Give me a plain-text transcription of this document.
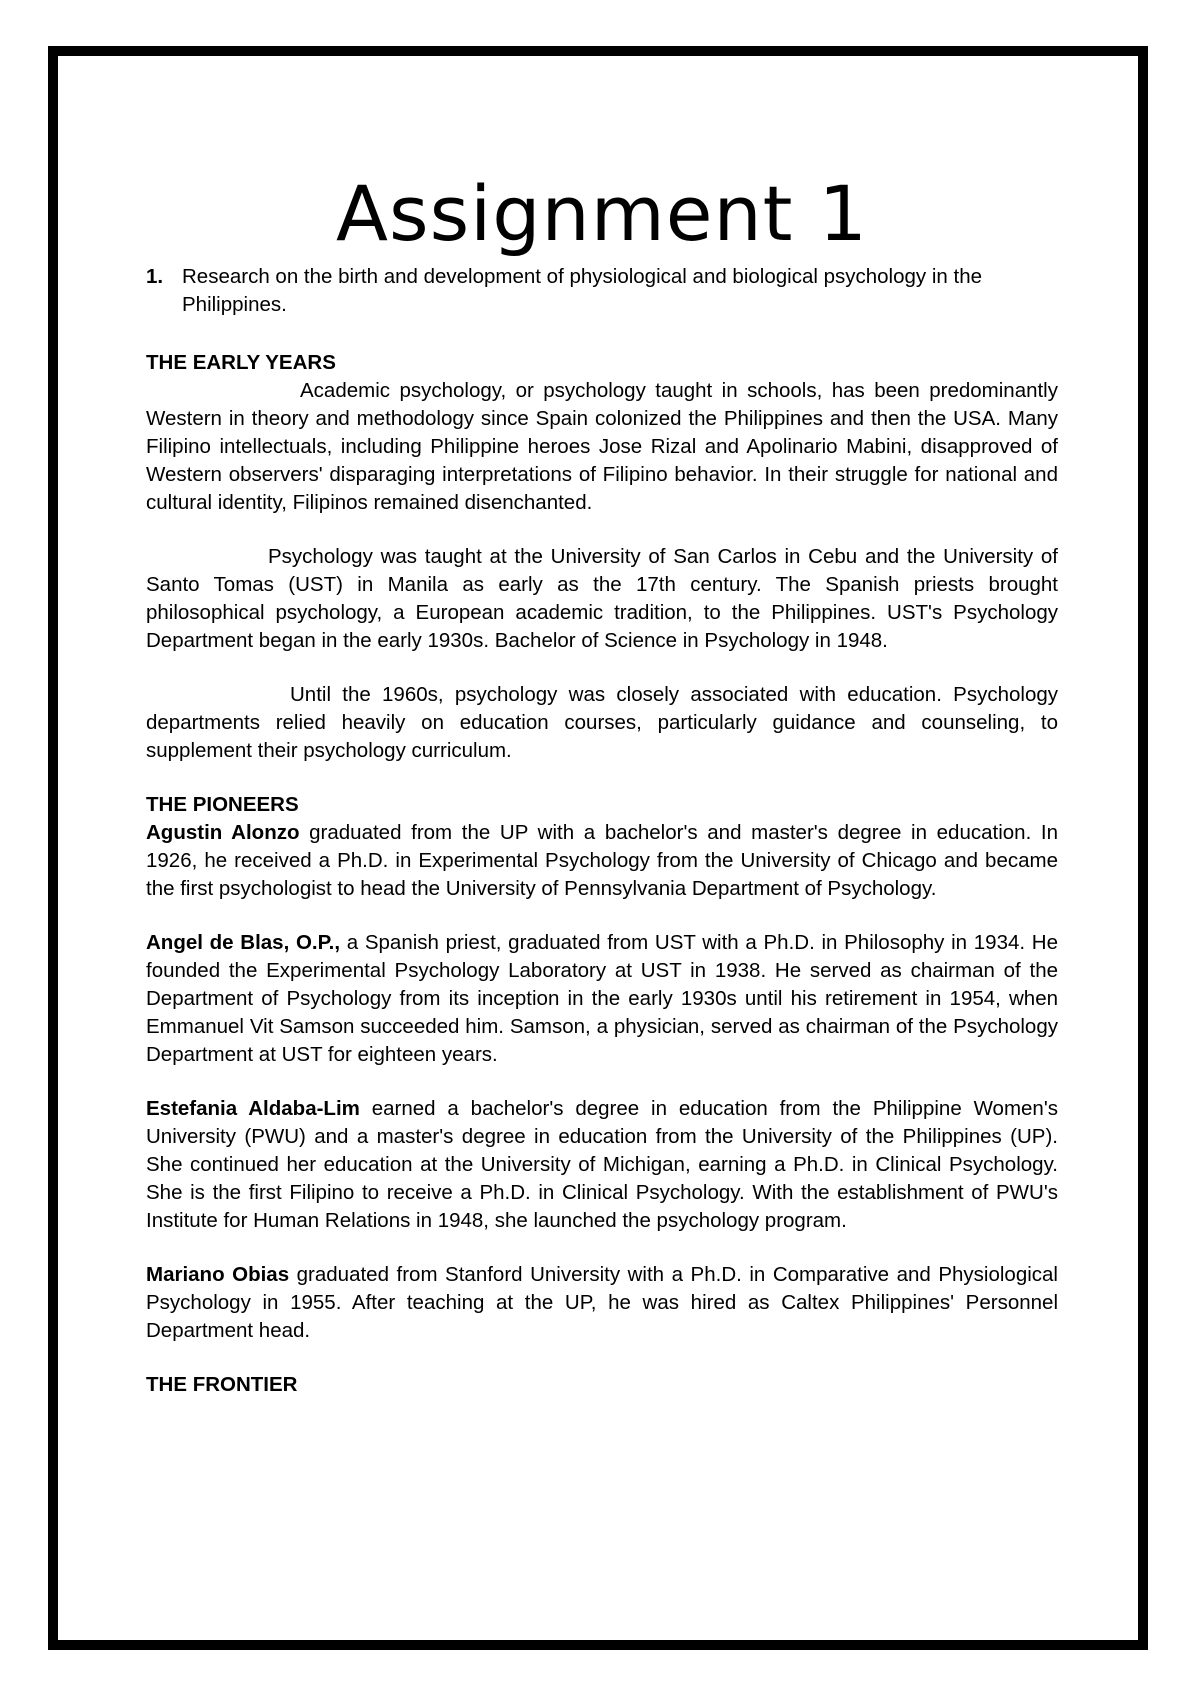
Assignment 1
1. Research on the birth and development of physiological and biological psychology in the Philippines.

THE EARLY YEARS

Academic psychology, or psychology taught in schools, has been predominantly Western in theory and methodology since Spain colonized the Philippines and then the USA. Many Filipino intellectuals, including Philippine heroes Jose Rizal and Apolinario Mabini, disapproved of Western observers' disparaging interpretations of Filipino behavior. In their struggle for national and cultural identity, Filipinos remained disenchanted.

Psychology was taught at the University of San Carlos in Cebu and the University of Santo Tomas (UST) in Manila as early as the 17th century. The Spanish priests brought philosophical psychology, a European academic tradition, to the Philippines. UST's Psychology Department began in the early 1930s. Bachelor of Science in Psychology in 1948.

Until the 1960s, psychology was closely associated with education. Psychology departments relied heavily on education courses, particularly guidance and counseling, to supplement their psychology curriculum.

THE PIONEERS

Agustin Alonzo graduated from the UP with a bachelor's and master's degree in education. In 1926, he received a Ph.D. in Experimental Psychology from the University of Chicago and became the first psychologist to head the University of Pennsylvania Department of Psychology.

Angel de Blas, O.P., a Spanish priest, graduated from UST with a Ph.D. in Philosophy in 1934. He founded the Experimental Psychology Laboratory at UST in 1938. He served as chairman of the Department of Psychology from its inception in the early 1930s until his retirement in 1954, when Emmanuel Vit Samson succeeded him. Samson, a physician, served as chairman of the Psychology Department at UST for eighteen years.

Estefania Aldaba-Lim earned a bachelor's degree in education from the Philippine Women's University (PWU) and a master's degree in education from the University of the Philippines (UP). She continued her education at the University of Michigan, earning a Ph.D. in Clinical Psychology. She is the first Filipino to receive a Ph.D. in Clinical Psychology. With the establishment of PWU's Institute for Human Relations in 1948, she launched the psychology program.

Mariano Obias graduated from Stanford University with a Ph.D. in Comparative and Physiological Psychology in 1955. After teaching at the UP, he was hired as Caltex Philippines' Personnel Department head.

THE FRONTIER
